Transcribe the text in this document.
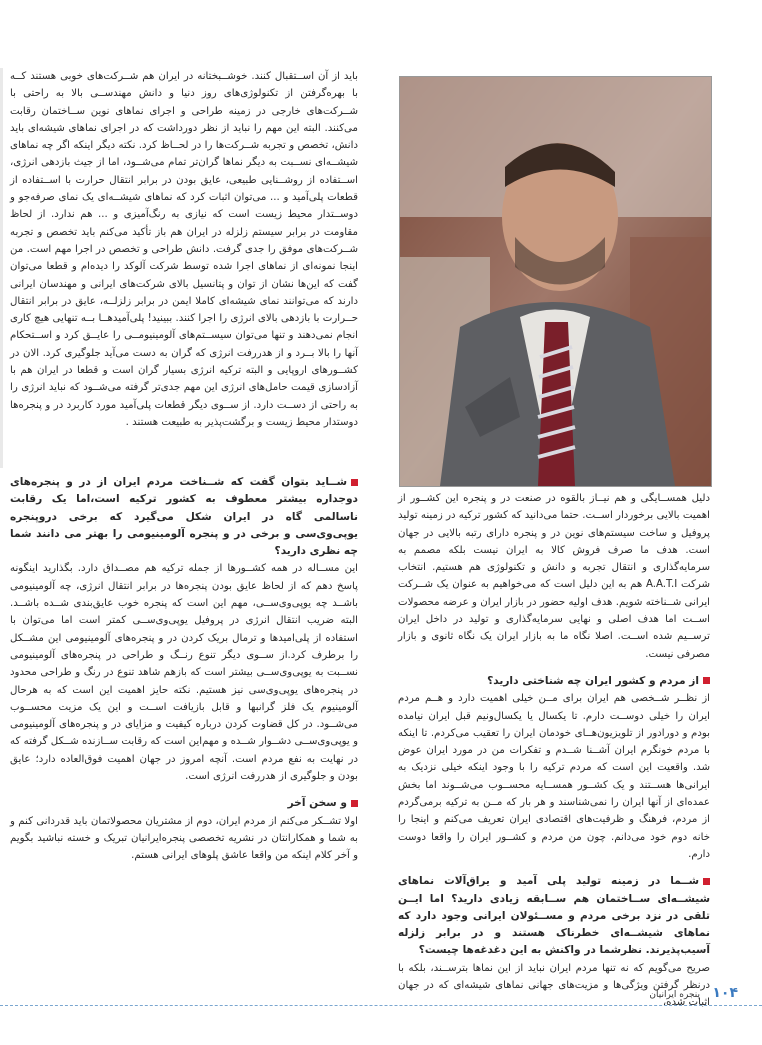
باید از آن اســتقبال کنند. خوشــبختانه در ایران هم شــرکت‌های خوبی هستند کــه با بهره‌گرفتن از تکنولوژی‌های روز دنیا و دانش مهندســی بالا به راحتی با شــرکت‌های خارجی در زمینه طراحی و اجرای نماهای نوین ســاختمان رقابت می‌کنند. البته این مهم را نباید از نظر دورداشت که در اجرای نماهای شیشه‌ای باید دانش، تخصص و تجربه شــرکت‌ها را در لحــاظ کرد. نکته دیگر اینکه اگر چه نماهای شیشــه‌ای نســبت به دیگر نماها گران‌تر تمام می‌شــود، اما از جیث بازدهی انرژی، اســتفاده از روشــنایی طبیعی، عایق بودن در برابر انتقال حرارت با اســتفاده از قطعات پلی‌آمید و ... می‌توان اثبات کرد که نماهای شیشــه‌ای یک نمای صرفه‌جو و دوســتدار محیط زیست است که نیازی به رنگ‌آمیزی و ... هم ندارد. از لحاظ مقاومت در برابر سیستم زلزله در ایران هم باز تأکید می‌کنم باید تخصص و تجربه شــرکت‌های موفق را جدی گرفت. دانش طراحی و تخصص در اجرا مهم است. من اینجا نمونه‌ای از نماهای اجرا شده توسط شرکت آلوکد را دیده‌ام و قطعا می‌توان گفت که این‌ها نشان از توان و پتانسیل بالای شرکت‌های ایرانی و مهندسان ایرانی دارند که می‌توانند نمای شیشه‌ای کاملا ایمن در برابر زلزلــه، عایق در برابر انتقال حــرارت با بازدهی بالای انرژی را اجرا کنند. ببینید! پلی‌آمیدهــا بــه تنهایی هیچ کاری انجام نمی‌دهند و تنها می‌توان سیســتم‌های آلومینیومــی را عایــق کرد و اســتحکام آنها را بالا بــرد و از هدررفت انرژی که گران به دست می‌آید جلوگیری کرد. الان در کشــورهای اروپایی و البته ترکیه انرژی بسیار گران است و قطعا در ایران هم با آزادسازی قیمت حامل‌های انرژی این مهم جدی‌تر گرفته می‌شــود که نباید انرژی را به راحتی از دســت دارد. از ســوی دیگر قطعات پلی‌آمید مورد کاربرد در و پنجره‌ها دوستدار محیط زیست و برگشت‌پذیر به طبیعت هستند .

شــاید بتوان گفت که شــناخت مردم ایران از در و پنجره‌های دوجداره بیشتر معطوف به کشور ترکیه است،اما یک رقابت ناسالمی گاه در ایران شکل می‌گیرد که برخی درو‌پنجره یوپی‌وی‌سی و برخی در و پنجره آلومینیومی را بهتر می دانند شما چه نظری دارید؟

این مســاله در همه کشــورها از جمله ترکیه هم مصــداق دارد. بگذارید اینگونه پاسخ دهم که از لحاظ عایق بودن پنجره‌ها در برابر انتقال انرژی، چه آلومینیومی باشــد چه یوپی‌وی‌ســی، مهم این است که پنجره خوب عایق‌بندی شــده باشــد. البته ضریب انتقال انرژی در پروفیل یوپی‌وی‌ســی کمتر است اما می‌توان با استفاده از پلی‌امیدها و ترمال بریک کردن در و پنجره‌های آلومینیومی این مشــکل را برطرف کرد.از ســوی دیگر تنوع رنــگ و طراحی در پنجره‌های آلومینیومی نســبت به یوپی‌وی‌ســی بیشتر است که بازهم شاهد تنوع در رنگ و طراحی محدود در پنجره‌های یوپی‌وی‌سی نیز هستیم. نکته حایز اهمیت این است که به هرحال آلومینیوم یک فلز گرانبها و قابل بازیافت اســت و این یک مزیت محســوب می‌شــود. در کل قضاوت کردن درباره کیفیت و مزایای در و پنجره‌های آلومینیومی و یوپی‌وی‌ســی دشــوار شــده و مهم‌این است که رقابت ســازنده شــکل گرفته که در نهایت به نفع مردم است. آنچه امروز در جهان اهمیت فوق‌العاده دارد؛ عایق بودن و جلوگیری از هدررفت انرژی است.

و سخن آخر

اولا تشــکر می‌کنم از مردم ایران، دوم از مشتریان محصولاتمان باید قدردانی کنم و به شما و همکارانتان در نشریه تخصصی پنجره‌ایرانیان تبریک و خسته نباشید بگویم و آخر کلام اینکه من واقعا عاشق پلوهای ایرانی هستم.

دلیل همســایگی و هم نیــاز بالقوه در صنعت در و پنجره این کشــور از اهمیت بالایی برخوردار اســت. حتما می‌دانید که کشور ترکیه در زمینه تولید پروفیل و ساخت سیستم‌های نوین در و پنجره دارای رتبه بالایی در جهان است. هدف ما صرف فروش کالا به ایران نیست بلکه مصمم به سرمایه‌گذاری و انتقال تجربه و دانش و تکنولوژی هم هستیم. انتخاب شرکت A.A.T.I هم به این دلیل است که می‌خواهیم به عنوان یک شــرکت ایرانی شــناخته شویم. هدف اولیه حضور در بازار ایران و عرضه محصولات اســت اما هدف اصلی و نهایی سرمایه‌گذاری و تولید در داخل ایران ترســیم شده اســت. اصلا نگاه ما به بازار ایران یک نگاه ثانوی و بازار مصرفی نیست.

از مردم و کشور ایران چه شناختی دارید؟

از نظــر شــخصی هم ایران برای مــن خیلی اهمیت دارد و هــم مردم ایران را خیلی دوســت دارم. تا یکسال یا یکسال‌ونیم قبل ایران نیامده بودم و دورادور از تلویزیون‌هــای خودمان ایران را تعقیب می‌کردم. تا اینکه با مردم خونگرم ایران آشــنا شــدم و تفکرات من در مورد ایران عوض شد. واقعیت این است که مردم ترکیه را با وجود اینکه خیلی نزدیک به ایرانی‌ها هســتند و یک کشــور همســایه محســوب می‌شــوند اما بخش عمده‌ای از آنها ایران را نمی‌شناسند و هر بار که مــن به ترکیه برمی‌گردم از مردم، فرهنگ و ظرفیت‌های اقتصادی ایران تعریف می‌کنم و اینجا را خانه دوم خود می‌دانم. چون من مردم و کشــور ایران را واقعا دوست دارم.

شــما در زمینه تولید پلی آمید و یراق‌آلات نماهای شیشــه‌ای ســاختمان هم ســابقه زیادی دارید؟ اما ایــن تلقی در نزد برخی مردم و مســئولان ایرانی وجود دارد که نماهای شیشــه‌ای خطرناک هستند و در برابر زلزله آسیب‌پذیرند. نظرشما در واکنش به این دغدغه‌ها چیست؟

صریح می‌گویم که نه تنها مردم ایران نباید از این نماها بترســند، بلکه با درنظر گرفتن ویژگی‌ها و مزیت‌های جهانی نماهای شیشه‌ای که در جهان اثبات شده،

پنجره ایرانیان ۱۰۴
